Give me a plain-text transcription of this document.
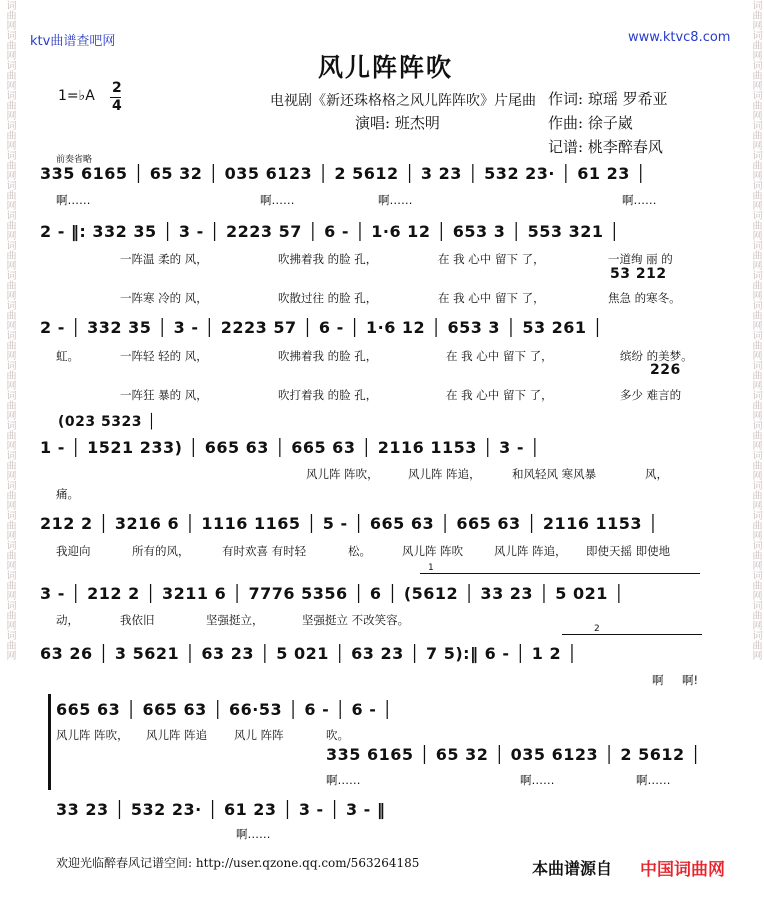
词曲网词曲网词曲网词曲网词曲网词曲网词曲网词曲网词曲网词曲网词曲网词曲网词曲网词曲网词曲网词曲网词曲网词曲网词曲网词曲网词曲网词曲网	词曲网词曲网词曲网词曲网词曲网词曲网词曲网词曲网词曲网词曲网词曲网词曲网词曲网词曲网词曲网词曲网词曲网词曲网词曲网词曲网词曲网词曲网
ktv曲谱查吧网	www.ktvc8.com
风儿阵阵吹
1=♭A 2
4	电视剧《新还珠格格之风儿阵阵吹》片尾曲 作词: 琼瑶 罗希亚
演唱: 班杰明	作曲: 徐子崴
记谱: 桃李醉春风
前奏省略
335 6165 │ 65 32 │ 035 6123 │ 2 5612 │ 3 23 │ 532 23· │ 61 23 │
啊……	啊……	啊……	啊……
2 - ‖: 332 35 │ 3 - │ 2223 57 │ 6 - │ 1·6 12 │ 653 3 │ 553 321 │
一阵温 柔的 风，	吹拂着我 的脸 孔，	在 我 心中 留下 了，	一道绚 丽 的
53 212
一阵寒 冷的 风，	吹散过往 的脸 孔，	在 我 心中 留下 了，	焦急 的寒冬。
2 - │ 332 35 │ 3 - │ 2223 57 │ 6 - │ 1·6 12 │ 653 3 │ 53 261 │
虹。	一阵轻 轻的 风，	吹拂着我 的脸 孔，	在 我 心中 留下 了，	缤纷 的美梦。
226
一阵狂 暴的 风，	吹打着我 的脸 孔，	在 我 心中 留下 了，	多少 难言的
(023 5323 │
1 - │ 1521 233) │ 665 63 │ 665 63 │ 2116 1153 │ 3 - │
风儿阵 阵吹，	风儿阵 阵追，	和风轻风 寒风暴	风，
痛。
212 2 │ 3216 6 │ 1116 1165 │ 5 - │ 665 63 │ 665 63 │ 2116 1153 │
我迎向	所有的风，	有时欢喜 有时轻	松。	风儿阵 阵吹	风儿阵 阵追， 即使天摇 即使地
1
3 - │ 212 2 │ 3211 6 │ 7776 5356 │ 6 │ (5612 │ 33 23 │ 5 021 │
动，	我依旧	坚强挺立，	坚强挺立 不改笑容。
2
63 26 │ 3 5621 │ 63 23 │ 5 021 │ 63 23 │ 7 5):‖ 6 - │ 1 2 │
啊 啊!
665 63 │ 665 63 │ 66·53 │ 6 - │ 6 - │
风儿阵 阵吹， 风儿阵 阵追 风儿 阵阵	吹。
335 6165 │ 65 32 │ 035 6123 │ 2 5612 │
啊……	啊……	啊……
33 23 │ 532 23· │ 61 23 │ 3 - │ 3 - ‖
啊……
欢迎光临醉春风记谱空间: http://user.qzone.qq.com/563264185	本曲谱源自 中国词曲网
